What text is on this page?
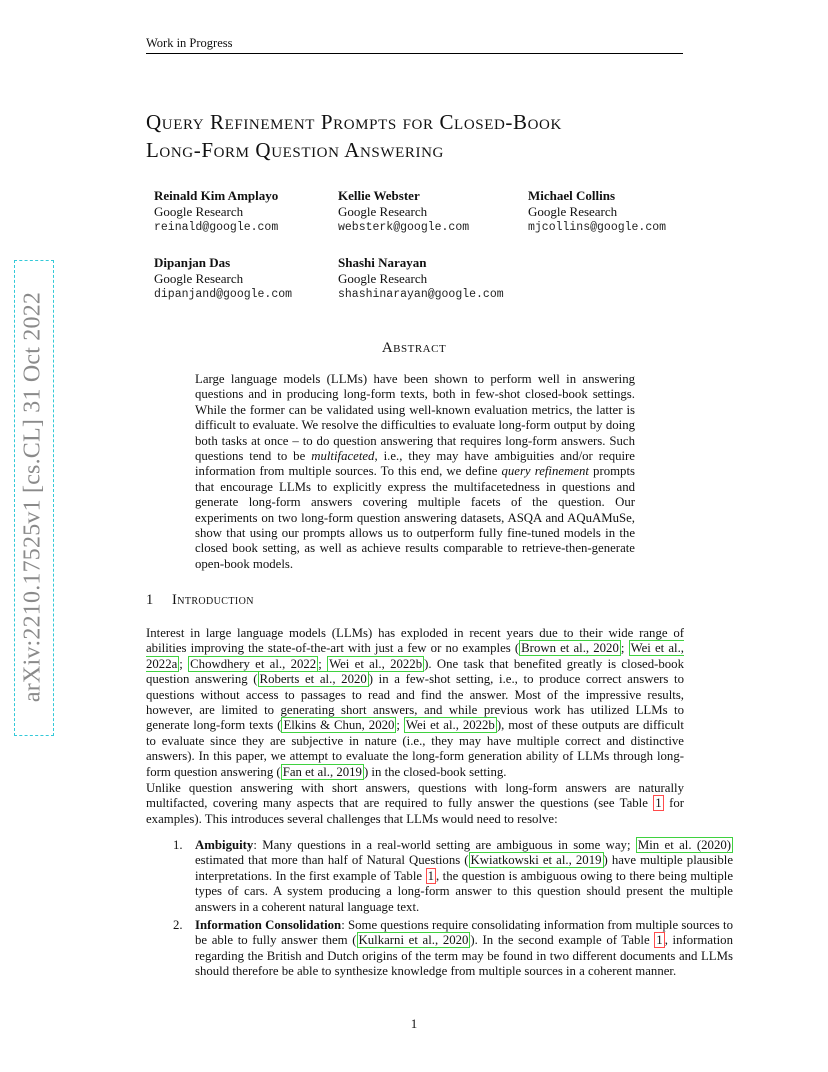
Work in Progress
Query Refinement Prompts for Closed-Book
Long-Form Question Answering
Reinald Kim Amplayo
Google Research
reinald@google.com
Kellie Webster
Google Research
websterk@google.com
Michael Collins
Google Research
mjcollins@google.com
Dipanjan Das
Google Research
dipanjand@google.com
Shashi Narayan
Google Research
shashinarayan@google.com
Abstract
Large language models (LLMs) have been shown to perform well in answering questions and in producing long-form texts, both in few-shot closed-book settings. While the former can be validated using well-known evaluation metrics, the latter is difficult to evaluate. We resolve the difficulties to evaluate long-form output by doing both tasks at once – to do question answering that requires long-form answers. Such questions tend to be multifaceted, i.e., they may have ambiguities and/or require information from multiple sources. To this end, we define query refinement prompts that encourage LLMs to explicitly express the multifacetedness in questions and generate long-form answers covering multiple facets of the question. Our experiments on two long-form question answering datasets, ASQA and AQuAMuSe, show that using our prompts allows us to outperform fully fine-tuned models in the closed book setting, as well as achieve results comparable to retrieve-then-generate open-book models.
1 Introduction
Interest in large language models (LLMs) has exploded in recent years due to their wide range of abilities improving the state-of-the-art with just a few or no examples ( Brown et al., 2020 ; Wei et al., 2022a ; Chowdhery et al., 2022 ; Wei et al., 2022b ). One task that benefited greatly is closed-book question answering ( Roberts et al., 2020 ) in a few-shot setting, i.e., to produce correct answers to questions without access to passages to read and find the answer. Most of the impressive results, however, are limited to generating short answers, and while previous work has utilized LLMs to generate long-form texts ( Elkins & Chun, 2020 ; Wei et al., 2022b ), most of these outputs are difficult to evaluate since they are subjective in nature (i.e., they may have multiple correct and distinctive answers). In this paper, we attempt to evaluate the long-form generation ability of LLMs through long-form question answering ( Fan et al., 2019 ) in the closed-book setting.
Unlike question answering with short answers, questions with long-form answers are naturally multifacted, covering many aspects that are required to fully answer the questions (see Table 1 for examples). This introduces several challenges that LLMs would need to resolve:
1. Ambiguity: Many questions in a real-world setting are ambiguous in some way; Min et al. (2020) estimated that more than half of Natural Questions ( Kwiatkowski et al., 2019 ) have multiple plausible interpretations. In the first example of Table 1 , the question is ambiguous owing to there being multiple types of cars. A system producing a long-form answer to this question should present the multiple answers in a coherent natural language text.
2. Information Consolidation: Some questions require consolidating information from multiple sources to be able to fully answer them ( Kulkarni et al., 2020 ). In the second example of Table 1 , information regarding the British and Dutch origins of the term may be found in two different documents and LLMs should therefore be able to synthesize knowledge from multiple sources in a coherent manner.
1
arXiv:2210.17525v1 [cs.CL] 31 Oct 2022
